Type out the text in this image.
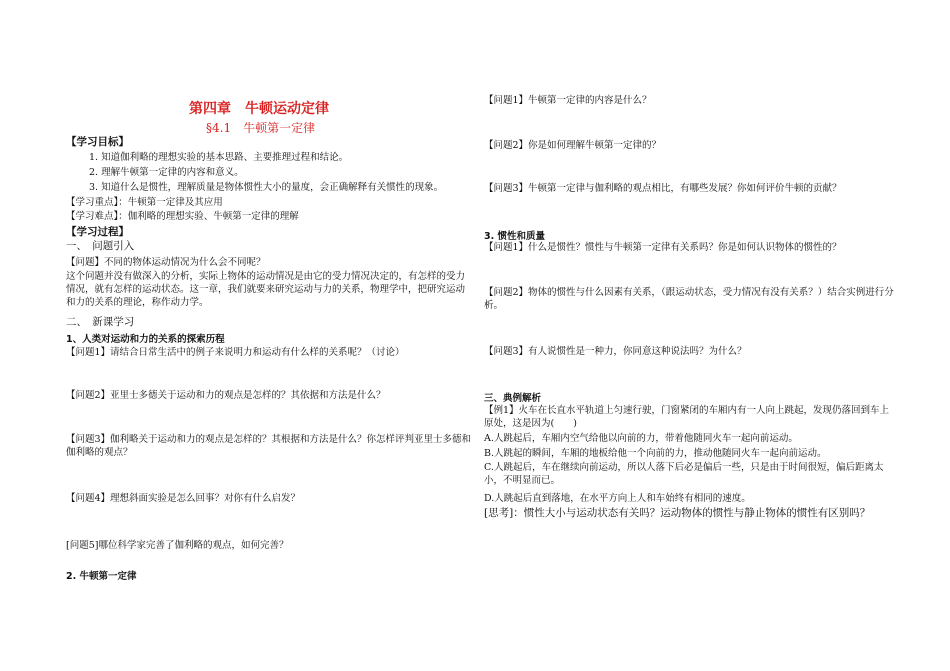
第四章　牛顿运动定律
§4.1　牛顿第一定律
【学习目标】
1. 知道伽利略的理想实验的基本思路、主要推理过程和结论。
2. 理解牛顿第一定律的内容和意义。
3. 知道什么是惯性，理解质量是物体惯性大小的量度，会正确解释有关惯性的现象。
【学习重点】：牛顿第一定律及其应用
【学习难点】：伽利略的理想实验、牛顿第一定律的理解
【学习过程】
一、　问题引入
【问题】不同的物体运动情况为什么会不同呢？
这个问题并没有做深入的分析，实际上物体的运动情况是由它的受力情况决定的，有怎样的受力情况，就有怎样的运动状态。这一章，我们就要来研究运动与力的关系，物理学中，把研究运动和力的关系的理论，称作动力学。
二、　新课学习
1、人类对运动和力的关系的探索历程
【问题1】请结合日常生活中的例子来说明力和运动有什么样的关系呢？（讨论）
【问题2】亚里士多德关于运动和力的观点是怎样的？其依据和方法是什么？
【问题3】伽利略关于运动和力的观点是怎样的？其根据和方法是什么？你怎样评判亚里士多德和伽利略的观点？
【问题4】理想斜面实验是怎么回事？对你有什么启发？
[问题5]哪位科学家完善了伽利略的观点，如何完善？
2. 牛顿第一定律
【问题1】牛顿第一定律的内容是什么？
【问题2】你是如何理解牛顿第一定律的？
【问题3】牛顿第一定律与伽利略的观点相比，有哪些发展？你如何评价牛顿的贡献？
3. 惯性和质量
【问题1】什么是惯性？惯性与牛顿第一定律有关系吗？你是如何认识物体的惯性的？
【问题2】物体的惯性与什么因素有关系，（跟运动状态，受力情况有没有关系？）结合实例进行分析。
【问题3】有人说惯性是一种力，你同意这种说法吗？为什么？
三、典例解析
【例1】火车在长直水平轨道上匀速行驶，门窗紧闭的车厢内有一人向上跳起，发现仍落回到车上原处，这是因为(　　)
A.人跳起后，车厢内空气给他以向前的力，带着他随同火车一起向前运动。
B.人跳起的瞬间，车厢的地板给他一个向前的力，推动他随同火车一起向前运动。
C.人跳起后，车在继续向前运动，所以人落下后必是偏后一些，只是由于时间很短，偏后距离太小，不明显而已。
D.人跳起后直到落地，在水平方向上人和车始终有相同的速度。
[思考]：惯性大小与运动状态有关吗？运动物体的惯性与静止物体的惯性有区别吗？
